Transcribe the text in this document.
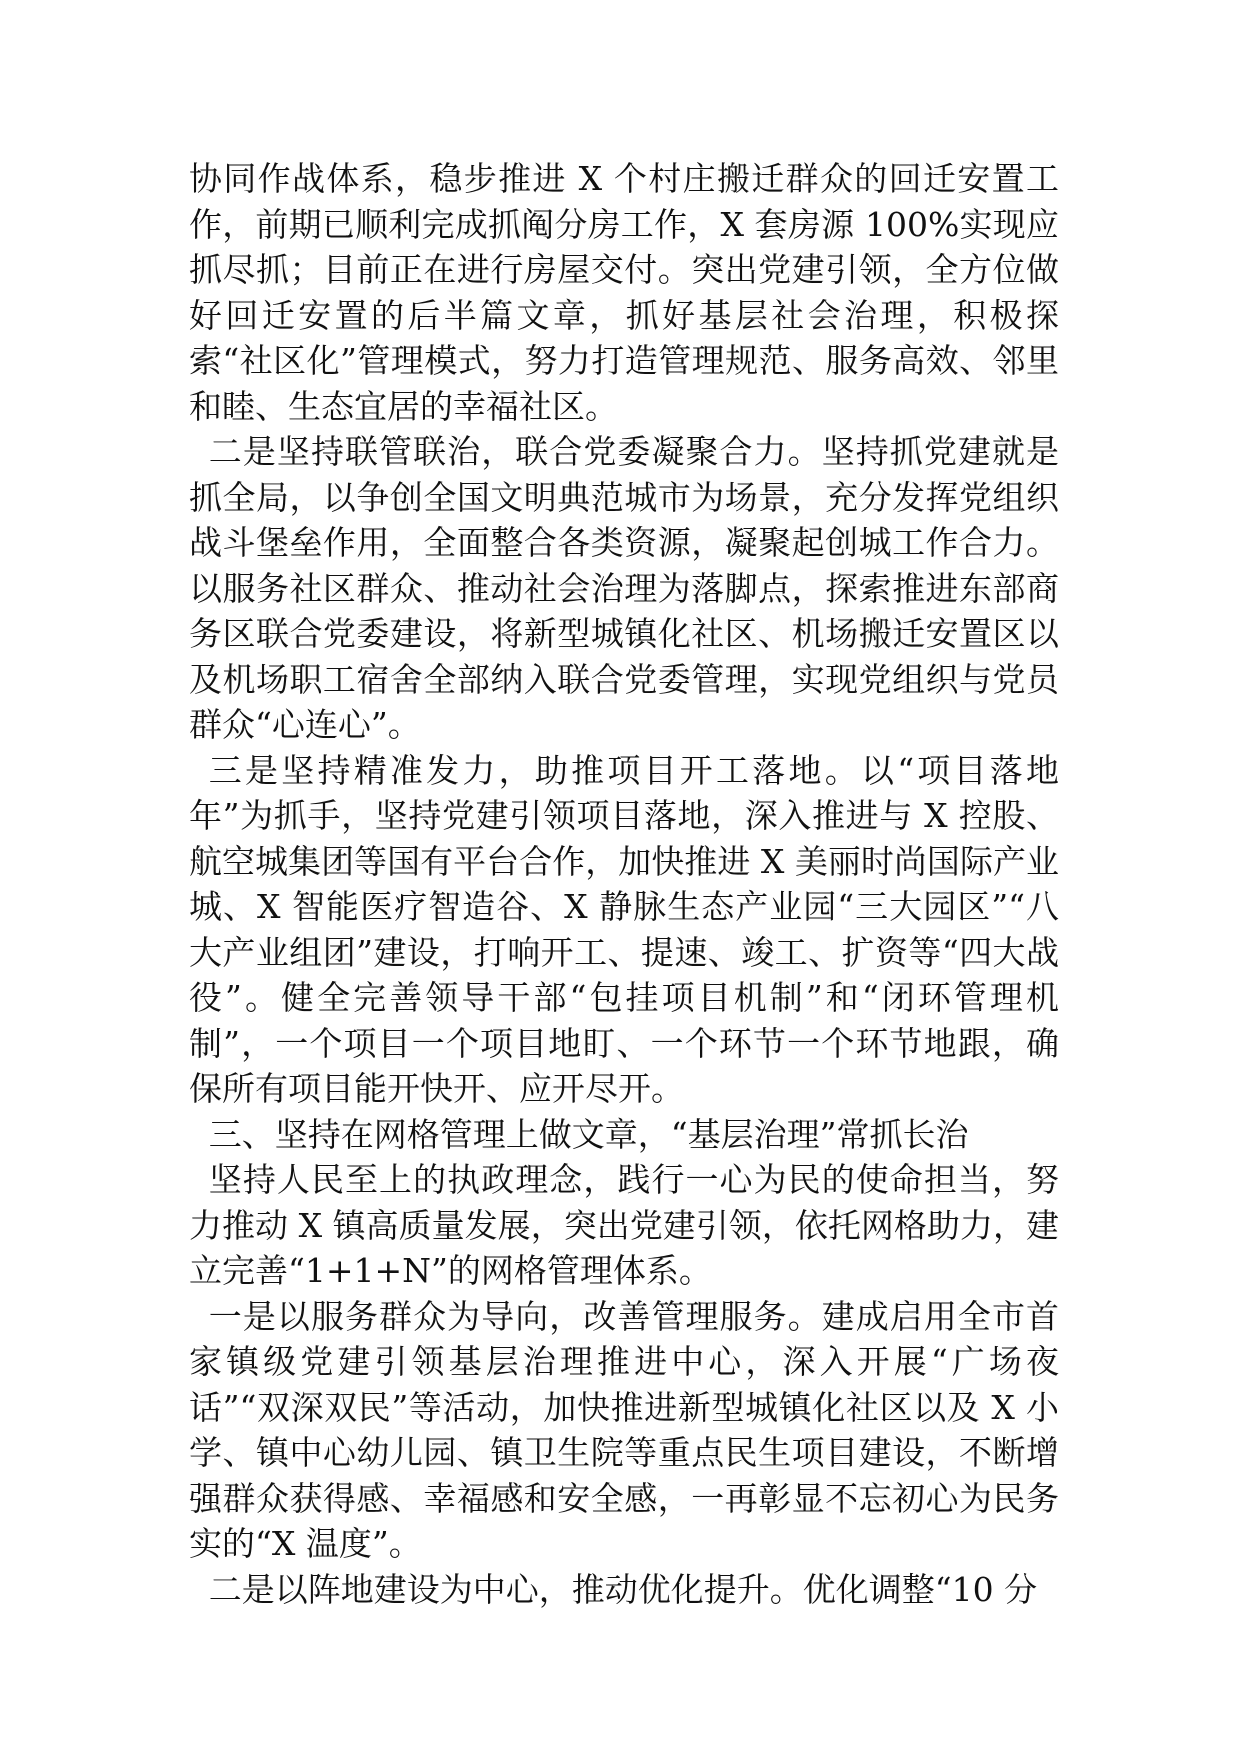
协同作战体系，稳步推进 X 个村庄搬迁群众的回迁安置工作，前期已顺利完成抓阄分房工作，X 套房源 100%实现应抓尽抓；目前正在进行房屋交付。突出党建引领，全方位做好回迁安置的后半篇文章，抓好基层社会治理，积极探索“社区化”管理模式，努力打造管理规范、服务高效、邻里和睦、生态宜居的幸福社区。

二是坚持联管联治，联合党委凝聚合力。坚持抓党建就是抓全局，以争创全国文明典范城市为场景，充分发挥党组织战斗堡垒作用，全面整合各类资源，凝聚起创城工作合力。以服务社区群众、推动社会治理为落脚点，探索推进东部商务区联合党委建设，将新型城镇化社区、机场搬迁安置区以及机场职工宿舍全部纳入联合党委管理，实现党组织与党员群众“心连心”。

三是坚持精准发力，助推项目开工落地。以“项目落地年”为抓手，坚持党建引领项目落地，深入推进与 X 控股、航空城集团等国有平台合作，加快推进 X 美丽时尚国际产业城、X 智能医疗智造谷、X 静脉生态产业园“三大园区”“八大产业组团”建设，打响开工、提速、竣工、扩资等“四大战役”。健全完善领导干部“包挂项目机制”和“闭环管理机制”，一个项目一个项目地盯、一个环节一个环节地跟，确保所有项目能开快开、应开尽开。

三、坚持在网格管理上做文章，“基层治理”常抓长治

坚持人民至上的执政理念，践行一心为民的使命担当，努力推动 X 镇高质量发展，突出党建引领，依托网格助力，建立完善“1+1+N”的网格管理体系。

一是以服务群众为导向，改善管理服务。建成启用全市首家镇级党建引领基层治理推进中心，深入开展“广场夜话”“双深双民”等活动，加快推进新型城镇化社区以及 X 小学、镇中心幼儿园、镇卫生院等重点民生项目建设，不断增强群众获得感、幸福感和安全感，一再彰显不忘初心为民务实的“X 温度”。

二是以阵地建设为中心，推动优化提升。优化调整“10 分
